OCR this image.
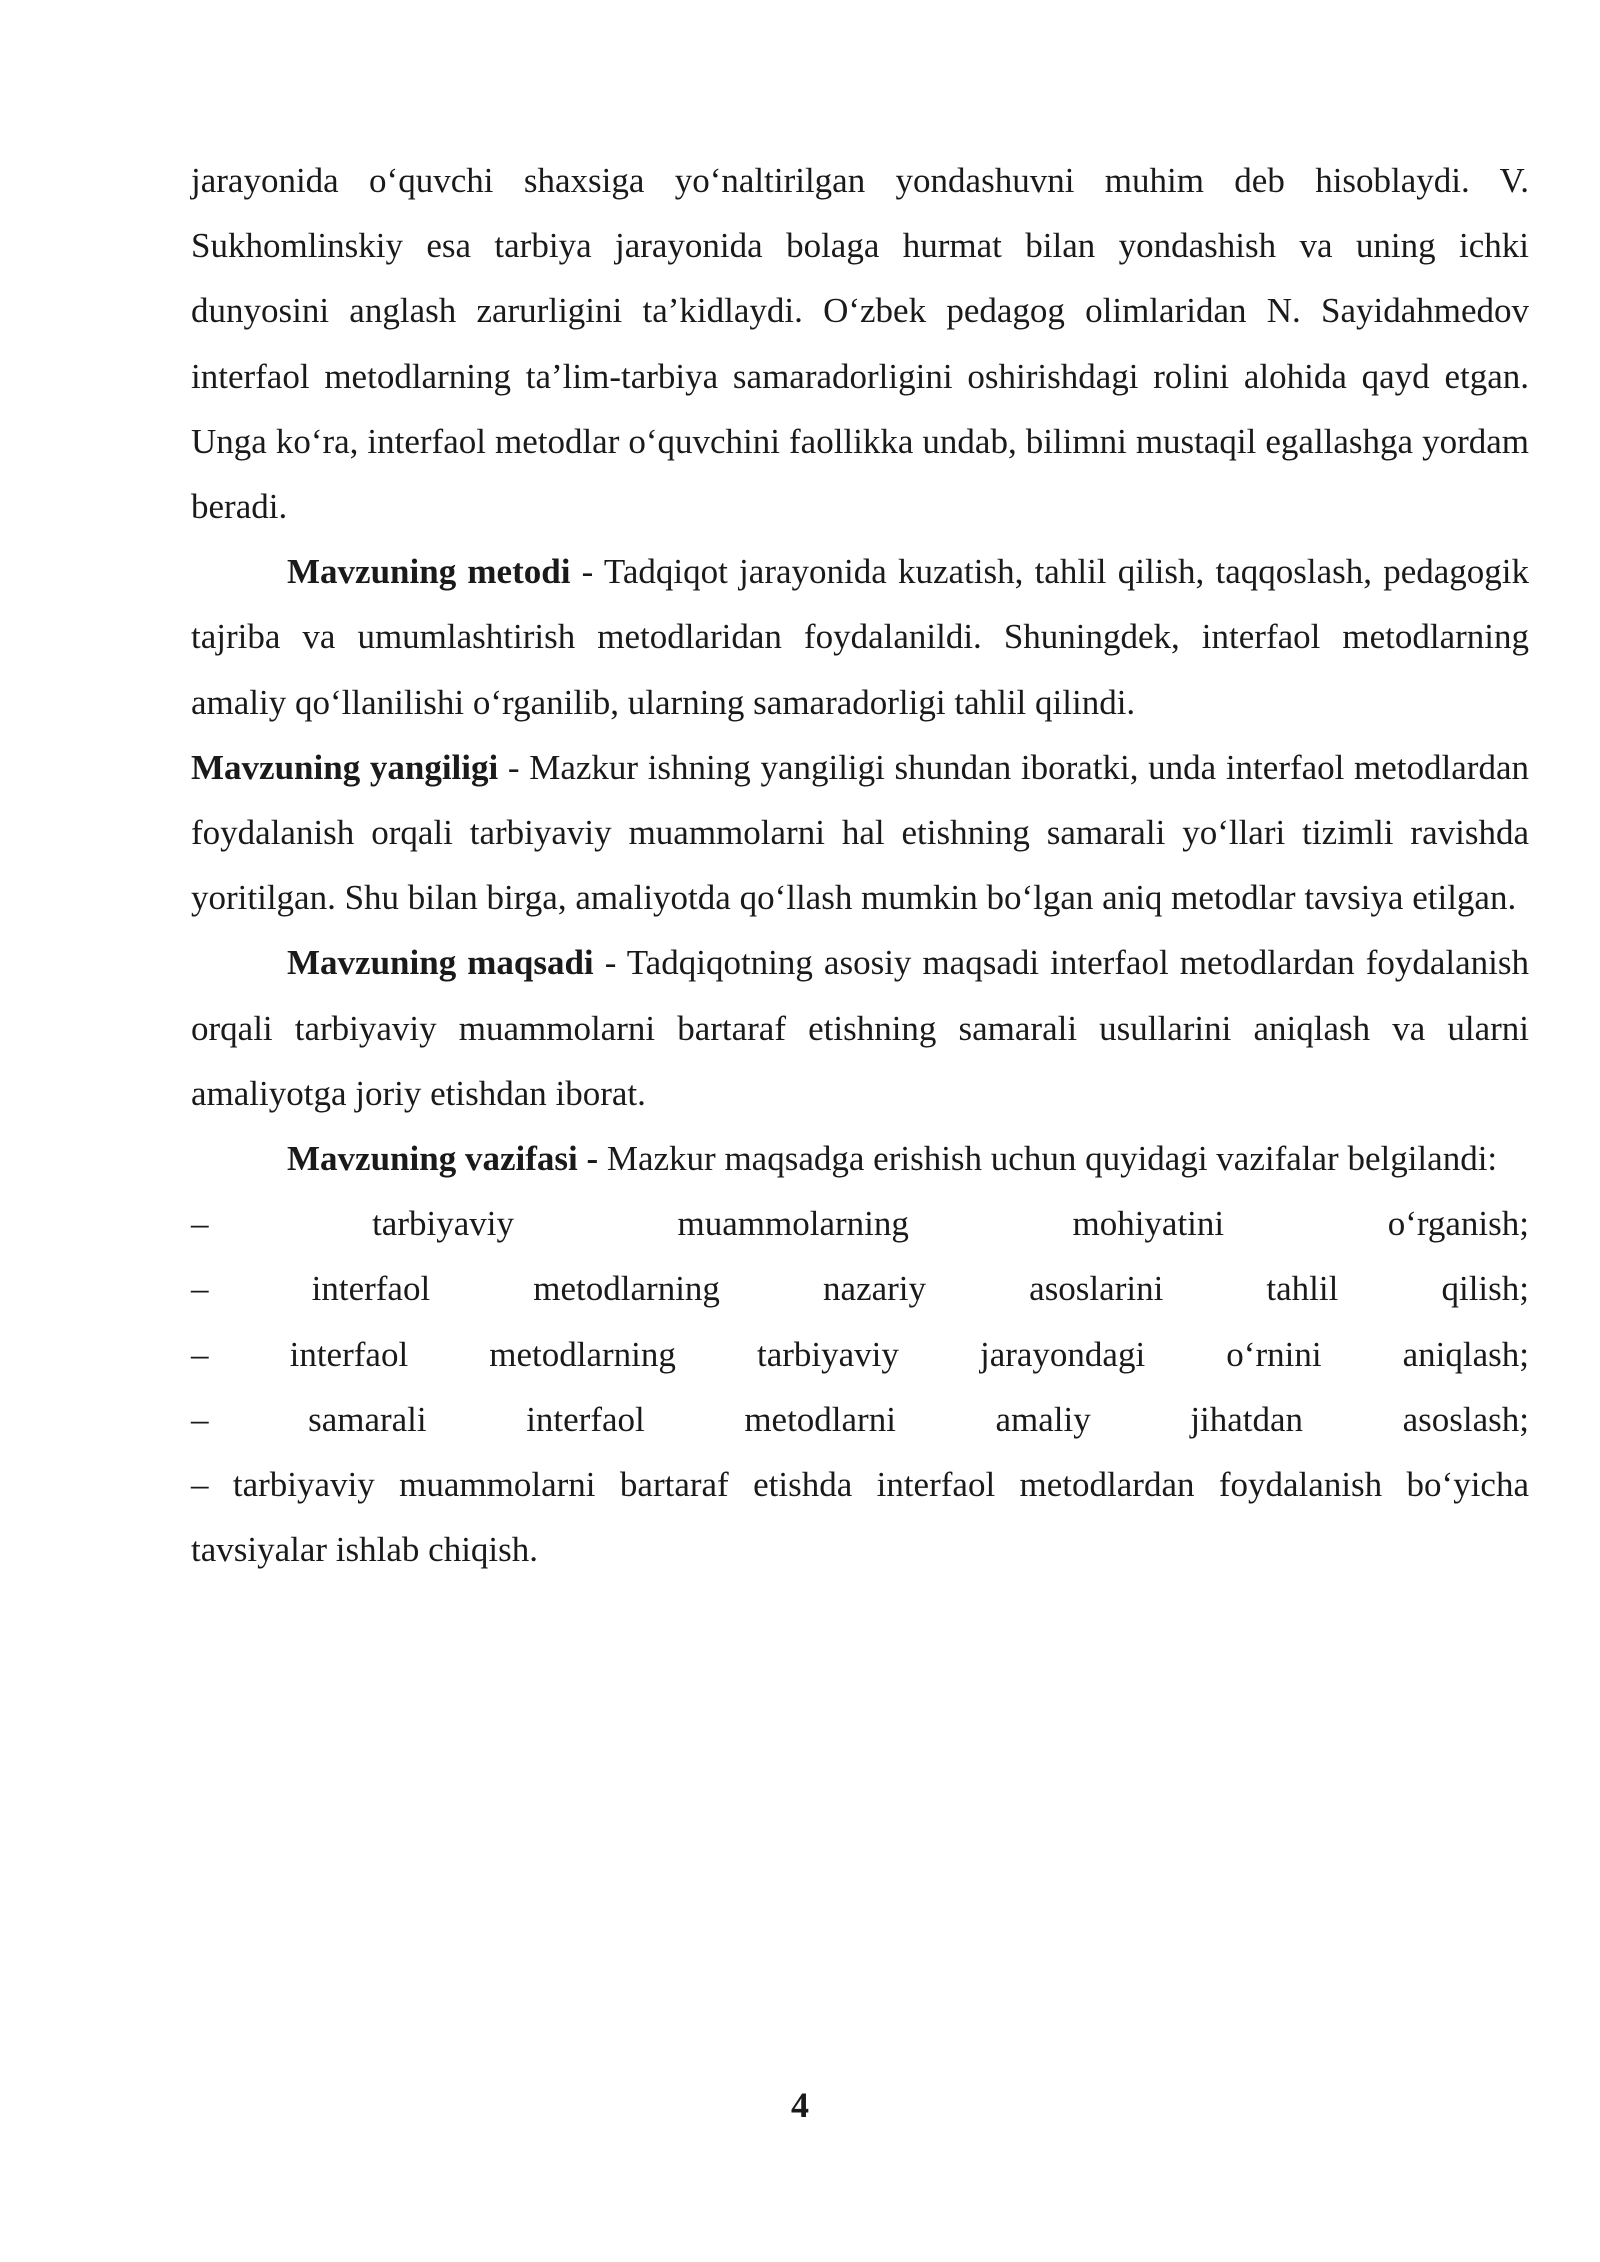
jarayonida o‘quvchi shaxsiga yo‘naltirilgan yondashuvni muhim deb hisoblaydi. V. Sukhomlinskiy esa tarbiya jarayonida bolaga hurmat bilan yondashish va uning ichki dunyosini anglash zarurligini ta’kidlaydi. O‘zbek pedagog olimlaridan N. Sayidahmedov interfaol metodlarning ta’lim-tarbiya samaradorligini oshirishdagi rolini alohida qayd etgan. Unga ko‘ra, interfaol metodlar o‘quvchini faollikka undab, bilimni mustaqil egallashga yordam beradi.

Mavzuning metodi - Tadqiqot jarayonida kuzatish, tahlil qilish, taqqoslash, pedagogik tajriba va umumlashtirish metodlaridan foydalanildi. Shuningdek, interfaol metodlarning amaliy qo‘llanilishi o‘rganilib, ularning samaradorligi tahlil qilindi.

Mavzuning yangiligi - Mazkur ishning yangiligi shundan iboratki, unda interfaol metodlardan foydalanish orqali tarbiyaviy muammolarni hal etishning samarali yo‘llari tizimli ravishda yoritilgan. Shu bilan birga, amaliyotda qo‘llash mumkin bo‘lgan aniq metodlar tavsiya etilgan.

Mavzuning maqsadi - Tadqiqotning asosiy maqsadi interfaol metodlardan foydalanish orqali tarbiyaviy muammolarni bartaraf etishning samarali usullarini aniqlash va ularni amaliyotga joriy etishdan iborat.

Mavzuning vazifasi - Mazkur maqsadga erishish uchun quyidagi vazifalar belgilandi:

–	tarbiyaviy muammolarning mohiyatini o‘rganish;

–	interfaol metodlarning nazariy asoslarini tahlil qilish;

– interfaol metodlarning tarbiyaviy jarayondagi o‘rnini aniqlash;

–	samarali interfaol metodlarni amaliy jihatdan asoslash;

– tarbiyaviy muammolarni bartaraf etishda interfaol metodlardan foydalanish bo‘yicha tavsiyalar ishlab chiqish.

4
